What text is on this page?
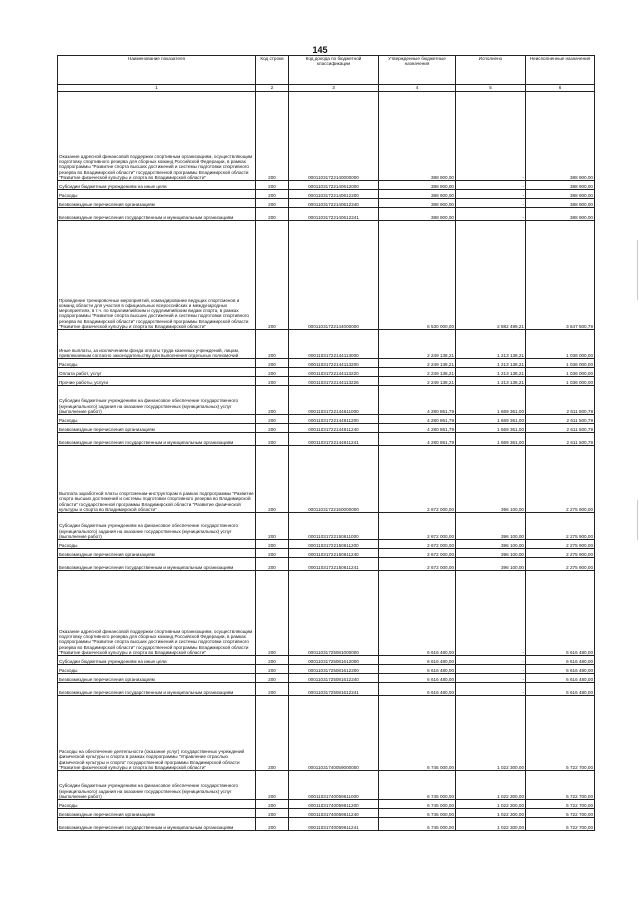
145
Наименование показателя	Код строки	Код дохода по бюджетной классификации	Утвержденные бюджетные назначения	Исполнено	Неисполненные назначения
1	2	3	4	5	6
Оказание адресной финансовой поддержки спортивным организациям, осуществляющим подготовку спортивного резерва для сборных команд Российской Федерации, в рамках подпрограммы "Развитие спорта высших достижений и системы подготовки спортивного резерва во Владимирской области" государственной программы Владимирской области "Развитие физической культуры и спорта во Владимирской области"	200	00011031722140000000	388 900,00	-	388 900,00
Субсидии бюджетным учреждениям на иные цели	200	00011031722140612000	388 900,00	-	388 900,00
Расходы	200	00011031722140612200	388 900,00	-	388 900,00
Безвозмездные перечисления организациям	200	00011031722140612240	388 900,00	-	388 900,00
Безвозмездные перечисления государственным и муниципальным организациям	200	00011031722140612241	388 900,00	-	388 900,00
Проведение тренировочных мероприятий, командирование ведущих спортсменов и команд области для участия в официальных всероссийских и международных мероприятиях, в т.ч. по паралимпийским и сурдлимпийским видам спорта, в рамках подпрограммы "Развитие спорта высших достижений и системы подготовки спортивного резерва во Владимирской области" государственной программы Владимирской области "Развитие физической культуры и спорта во Владимирской области"	200	00011031722144000000	6 530 000,00	2 882 499,21	3 647 500,79
Иные выплаты, за исключением фонда оплаты труда казенных учреждений, лицам, привлекаемым согласно законодательству для выполнения отдельных полномочий	200	00011031722144113000	2 249 138,21	1 213 138,21	1 036 000,00
Расходы	200	00011031722144113200	2 249 138,21	1 213 138,21	1 036 000,00
Оплата работ, услуг	200	00011031722144113220	2 249 138,21	1 213 138,21	1 036 000,00
Прочие работы, услуги	200	00011031722144113226	2 249 138,21	1 213 138,21	1 036 000,00
Субсидии бюджетным учреждениям на финансовое обеспечение государственного (муниципального) задания на оказание государственных (муниципальных) услуг (выполнение работ)	200	00011031722144611000	4 280 861,79	1 669 361,00	2 611 500,79
Расходы	200	00011031722144611200	4 280 861,79	1 669 361,00	2 611 500,79
Безвозмездные перечисления организациям	200	00011031722144611240	4 280 861,79	1 669 361,00	2 611 500,79
Безвозмездные перечисления государственным и муниципальным организациям	200	00011031722144611241	4 280 861,79	1 669 361,00	2 611 500,79
Выплата заработной платы спортсменам-инструкторам в рамках подпрограммы "Развитие спорта высших достижений и системы подготовки спортивного резерва во Владимирской области" государственной программы Владимирской области "Развитие физической культуры и спорта во Владимирской области"	200	00011031722150000000	2 672 000,00	396 100,00	2 275 900,00
Субсидии бюджетным учреждениям на финансовое обеспечение государственного (муниципального) задания на оказание государственных (муниципальных) услуг (выполнение работ)	200	00011031722150611000	2 672 000,00	396 100,00	2 275 900,00
Расходы	200	00011031722150611200	2 672 000,00	396 100,00	2 275 900,00
Безвозмездные перечисления организациям	200	00011031722150611240	2 672 000,00	396 100,00	2 275 900,00
Безвозмездные перечисления государственным и муниципальным организациям	200	00011031722150611241	2 672 000,00	396 100,00	2 275 900,00
Оказание адресной финансовой поддержки спортивным организациям, осуществляющим подготовку спортивного резерва для сборных команд Российской Федерации, в рамках подпрограммы "Развитие спорта высших достижений и системы подготовки спортивного резерва во Владимирской области" государственной программы Владимирской области "Развитие физической культуры и спорта во Владимирской области"	200	00011031725081000000	6 616 480,00	-	6 616 480,00
Субсидии бюджетным учреждениям на иные цели	200	00011031725081612000	6 616 480,00	-	6 616 480,00
Расходы	200	00011031725081612200	6 616 480,00	-	6 616 480,00
Безвозмездные перечисления организациям	200	00011031725081612240	6 616 480,00	-	6 616 480,00
Безвозмездные перечисления государственным и муниципальным организациям	200	00011031725081612241	6 616 480,00	-	6 616 480,00
Расходы на обеспечение деятельности (оказание услуг) государственных учреждений физической культуры и спорта в рамках подпрограммы "Управление отраслью физической культуры и спорта" государственной программы Владимирской области "Развитие физической культуры и спорта во Владимирской области"	200	00011031740059000000	6 745 000,00	1 022 300,00	5 722 700,00
Субсидии бюджетным учреждениям на финансовое обеспечение государственного (муниципального) задания на оказание государственных (муниципальных) услуг (выполнение работ)	200	00011031740059611000	6 745 000,00	1 022 300,00	5 722 700,00
Расходы	200	00011031740059611200	6 745 000,00	1 022 300,00	5 722 700,00
Безвозмездные перечисления организациям	200	00011031740059611240	6 745 000,00	1 022 300,00	5 722 700,00
Безвозмездные перечисления государственным и муниципальным организациям	200	00011031740059611241	6 745 000,00	1 022 300,00	5 722 700,00
